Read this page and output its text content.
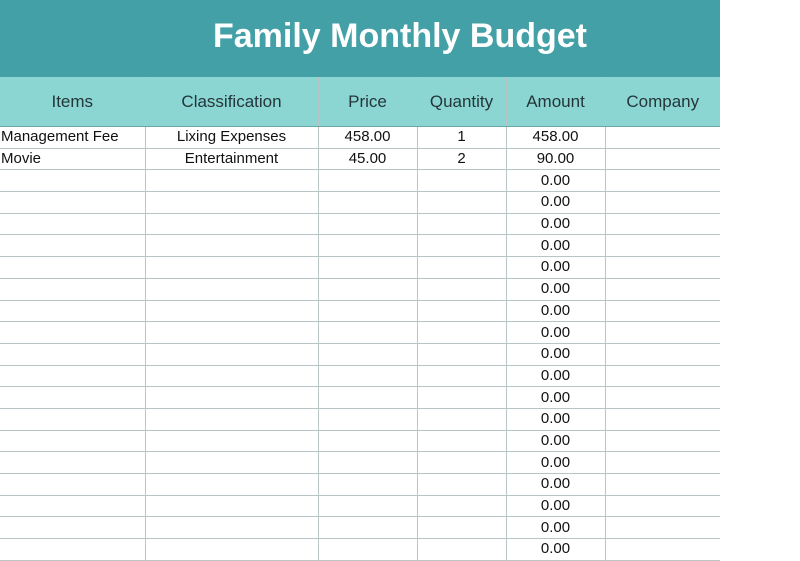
Family Monthly Budget
Items	Classification	Price	Quantity	Amount	Company
Management Fee	Lixing Expenses	458.00	1	458.00	
Movie	Entertainment	45.00	2	90.00	
				0.00	
				0.00	
				0.00	
				0.00	
				0.00	
				0.00	
				0.00	
				0.00	
				0.00	
				0.00	
				0.00	
				0.00	
				0.00	
				0.00	
				0.00	
				0.00	
				0.00	
				0.00	
